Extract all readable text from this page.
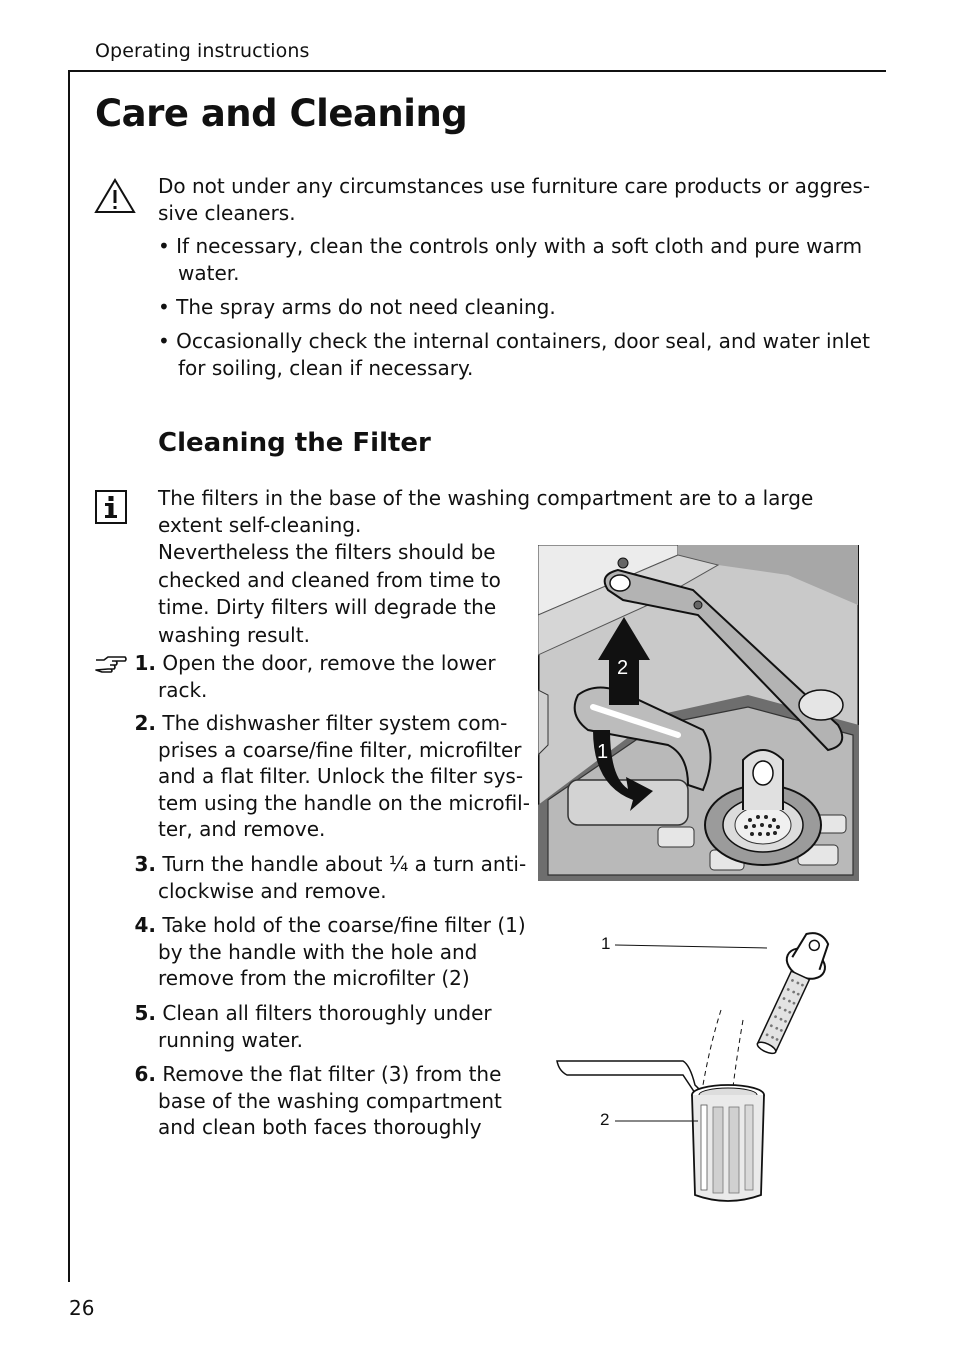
Operating instructions
Care and Cleaning
Do not under any circumstances use furniture care products or aggres-
sive cleaners.
• If necessary, clean the controls only with a soft cloth and pure warm
water.
• The spray arms do not need cleaning.
• Occasionally check the internal containers, door seal, and water inlet
for soiling, clean if necessary.
Cleaning the Filter
The filters in the base of the washing compartment are to a large
extent self-cleaning.
Nevertheless the filters should be
checked and cleaned from time to
time. Dirty filters will degrade the
washing result.
1. Open the door, remove the lower
rack.
2. The dishwasher filter system com-
prises a coarse/fine filter, microfilter
and a flat filter. Unlock the filter sys-
tem using the handle on the microfil-
ter, and remove.
3. Turn the handle about ¼ a turn anti-
clockwise and remove.
4. Take hold of the coarse/fine filter (1)
by the handle with the hole and
remove from the microfilter (2)
5. Clean all filters thoroughly under
running water.
6. Remove the flat filter (3) from the
base of the washing compartment
and clean both faces thoroughly
2
1
1
2
26
